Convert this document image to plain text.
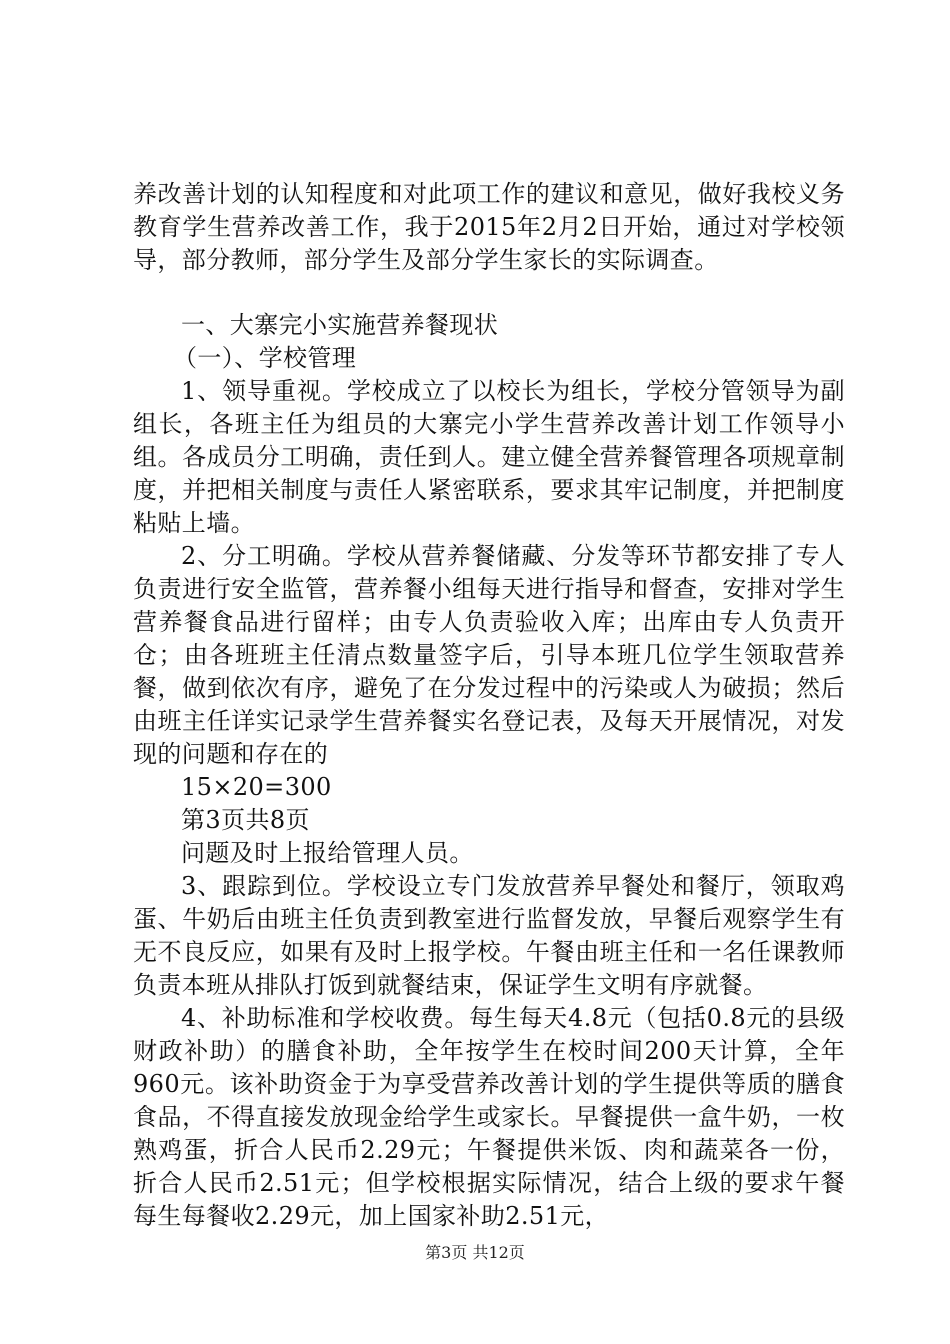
养改善计划的认知程度和对此项工作的建议和意见，做好我校义务教育学生营养改善工作，我于2015年2月2日开始，通过对学校领导，部分教师，部分学生及部分学生家长的实际调查。

一、大寨完小实施营养餐现状

（一）、学校管理

1、领导重视。学校成立了以校长为组长，学校分管领导为副组长，各班主任为组员的大寨完小学生营养改善计划工作领导小组。各成员分工明确，责任到人。建立健全营养餐管理各项规章制度，并把相关制度与责任人紧密联系，要求其牢记制度，并把制度粘贴上墙。

2、分工明确。学校从营养餐储藏、分发等环节都安排了专人负责进行安全监管，营养餐小组每天进行指导和督查，安排对学生营养餐食品进行留样；由专人负责验收入库；出库由专人负责开仓；由各班班主任清点数量签字后，引导本班几位学生领取营养餐，做到依次有序，避免了在分发过程中的污染或人为破损；然后由班主任详实记录学生营养餐实名登记表，及每天开展情况，对发现的问题和存在的

15×20=300

第3页共8页

问题及时上报给管理人员。

3、跟踪到位。学校设立专门发放营养早餐处和餐厅，领取鸡蛋、牛奶后由班主任负责到教室进行监督发放，早餐后观察学生有无不良反应，如果有及时上报学校。午餐由班主任和一名任课教师负责本班从排队打饭到就餐结束，保证学生文明有序就餐。

4、补助标准和学校收费。每生每天4.8元（包括0.8元的县级财政补助）的膳食补助，全年按学生在校时间200天计算，全年960元。该补助资金于为享受营养改善计划的学生提供等质的膳食食品，不得直接发放现金给学生或家长。早餐提供一盒牛奶，一枚熟鸡蛋，折合人民币2.29元；午餐提供米饭、肉和蔬菜各一份，折合人民币2.51元；但学校根据实际情况，结合上级的要求午餐每生每餐收2.29元，加上国家补助2.51元，

第3页 共12页
